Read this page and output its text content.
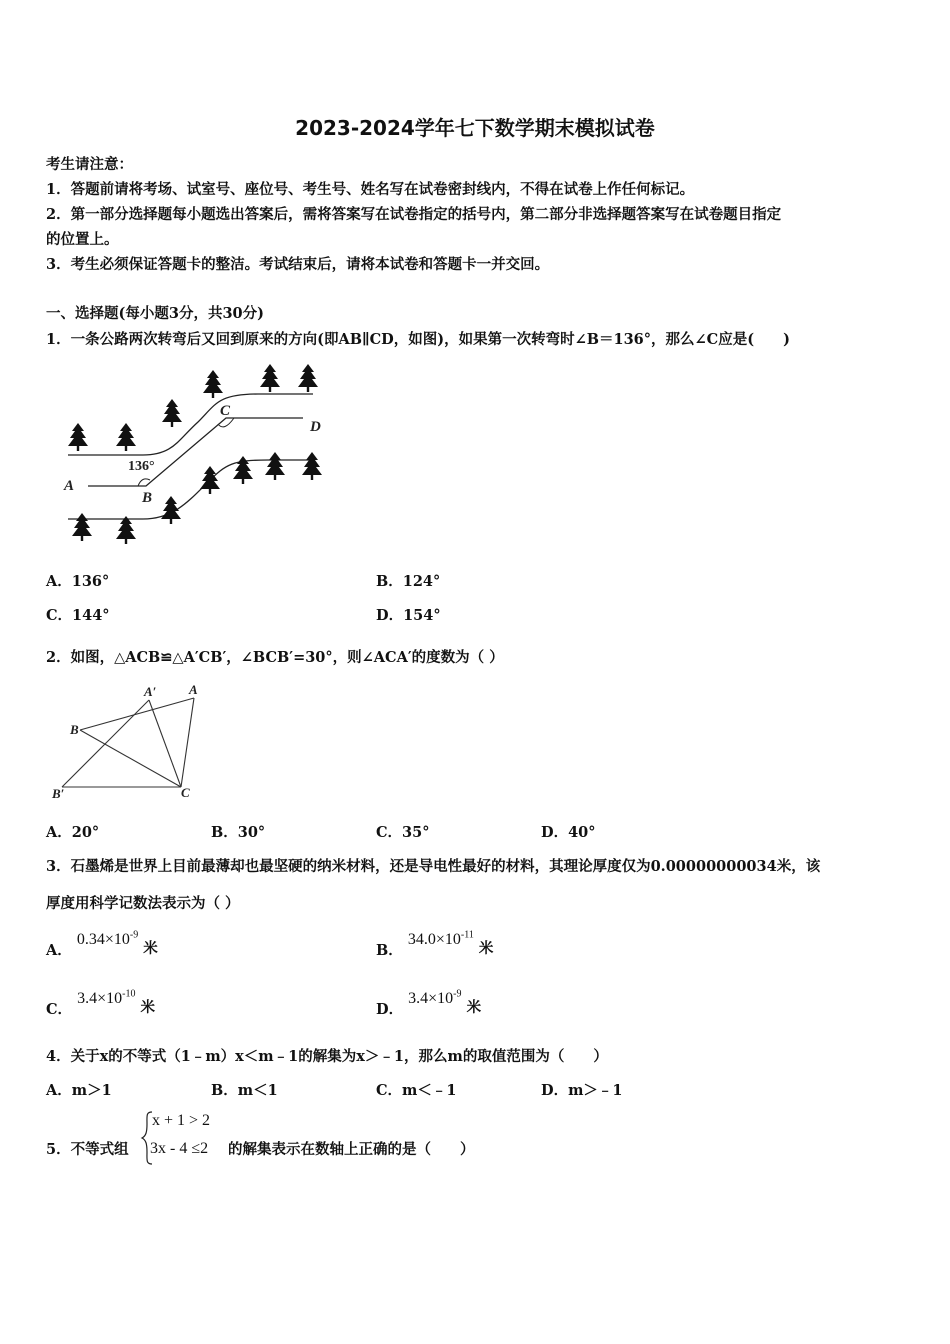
2023-2024学年七下数学期末模拟试卷
考生请注意：
1．答题前请将考场、试室号、座位号、考生号、姓名写在试卷密封线内，不得在试卷上作任何标记。
2．第一部分选择题每小题选出答案后，需将答案写在试卷指定的括号内，第二部分非选择题答案写在试卷题目指定
的位置上。
3．考生必须保证答题卡的整洁。考试结束后，请将本试卷和答题卡一并交回。
一、选择题(每小题3分，共30分)
1．一条公路两次转弯后又回到原来的方向(即AB∥CD，如图)，如果第一次转弯时∠B＝136°，那么∠C应是(　　)
C
D
136°
A
B
A．136°	B．124°
C．144°	D．154°
2．如图，△ACB≌△A′CB′，∠BCB′=30°，则∠ACA′的度数为（ ）
A
A′
B
B′	C
A．20°	B．30°	C．35°	D．40°
3．石墨烯是世界上目前最薄却也最坚硬的纳米材料，还是导电性最好的材料，其理论厚度仅为0.00000000034米，该
厚度用科学记数法表示为（ ）
A． $0.34\times 10^{-9}$ 米	B． $34.0\times 10^{-11}$ 米
C． $3.4\times 10^{-10}$ 米	D． $3.4\times 10^{-9}$ 米
4．关于x的不等式（1﹣m）x＜m﹣1的解集为x＞﹣1，那么m的取值范围为（　　）
A．m＞1	B．m＜1	C．m＜﹣1	D．m＞﹣1
5．不等式组
x + 1 > 2
3x - 4 ≤2 的解集表示在数轴上正确的是（　　）
